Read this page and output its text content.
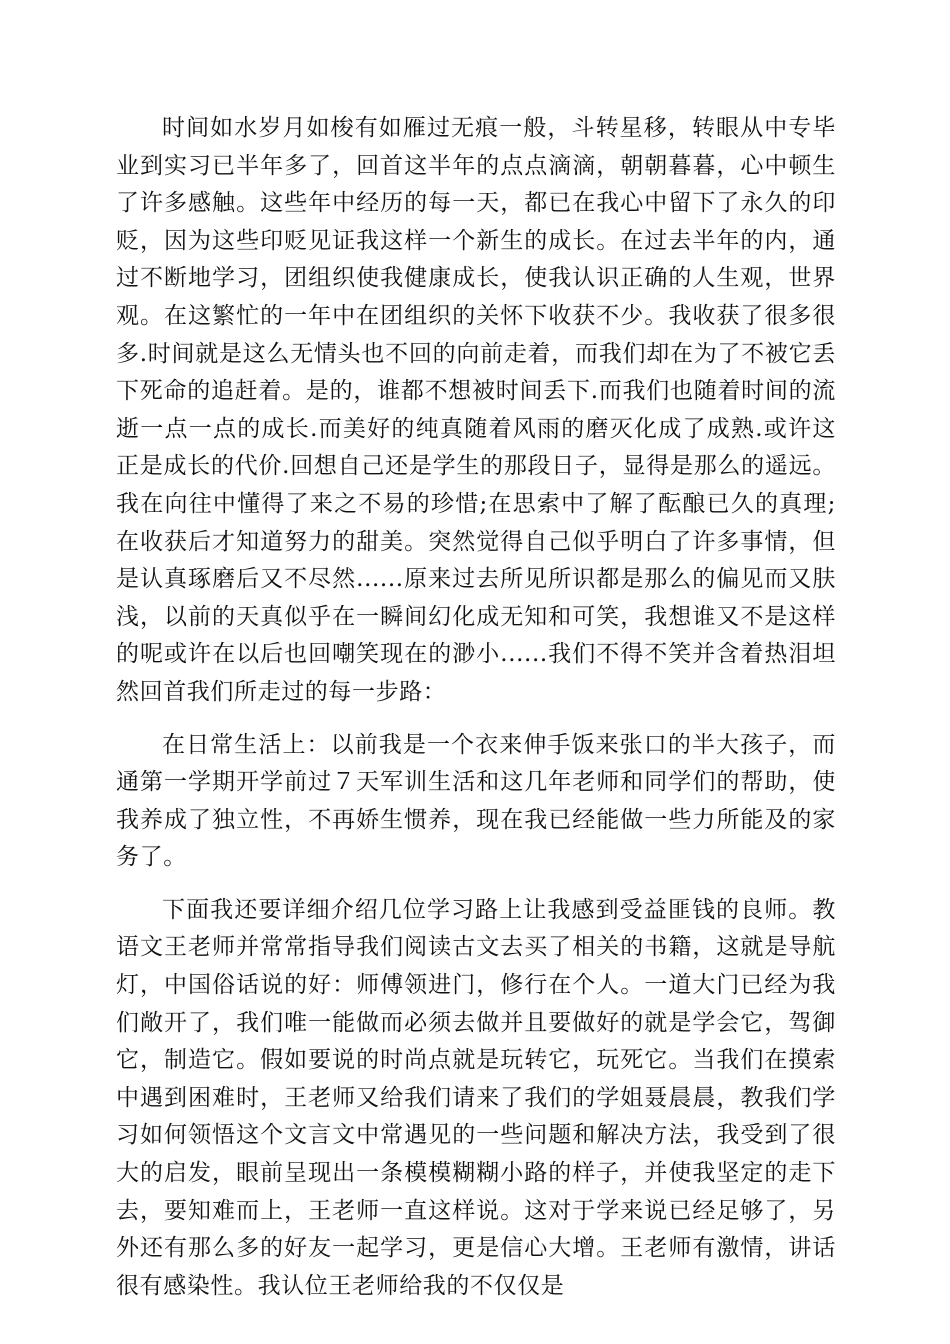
时间如水岁月如梭有如雁过无痕一般，斗转星移，转眼从中专毕业到实习已半年多了，回首这半年的点点滴滴，朝朝暮暮，心中顿生了许多感触。这些年中经历的每一天，都已在我心中留下了永久的印贬，因为这些印贬见证我这样一个新生的成长。在过去半年的内，通过不断地学习，团组织使我健康成长，使我认识正确的人生观，世界观。在这繁忙的一年中在团组织的关怀下收获不少。我收获了很多很多.时间就是这么无情头也不回的向前走着，而我们却在为了不被它丢下死命的追赶着。是的，谁都不想被时间丢下.而我们也随着时间的流逝一点一点的成长.而美好的纯真随着风雨的磨灭化成了成熟.或许这正是成长的代价.回想自己还是学生的那段日子，显得是那么的遥远。我在向往中懂得了来之不易的珍惜;在思索中了解了酝酿已久的真理;在收获后才知道努力的甜美。突然觉得自己似乎明白了许多事情，但是认真琢磨后又不尽然......原来过去所见所识都是那么的偏见而又肤浅，以前的天真似乎在一瞬间幻化成无知和可笑，我想谁又不是这样的呢或许在以后也回嘲笑现在的渺小......我们不得不笑并含着热泪坦然回首我们所走过的每一步路：

在日常生活上：以前我是一个衣来伸手饭来张口的半大孩子，而通第一学期开学前过７天军训生活和这几年老师和同学们的帮助，使我养成了独立性，不再娇生惯养，现在我已经能做一些力所能及的家务了。

下面我还要详细介绍几位学习路上让我感到受益匪钱的良师。教语文王老师并常常指导我们阅读古文去买了相关的书籍，这就是导航灯，中国俗话说的好：师傅领进门，修行在个人。一道大门已经为我们敞开了，我们唯一能做而必须去做并且要做好的就是学会它，驾御它，制造它。假如要说的时尚点就是玩转它，玩死它。当我们在摸索中遇到困难时，王老师又给我们请来了我们的学姐聂晨晨，教我们学习如何领悟这个文言文中常遇见的一些问题和解决方法，我受到了很大的启发，眼前呈现出一条模模糊糊小路的样子，并使我坚定的走下去，要知难而上，王老师一直这样说。这对于学来说已经足够了，另外还有那么多的好友一起学习，更是信心大增。王老师有激情，讲话很有感染性。我认位王老师给我的不仅仅是
